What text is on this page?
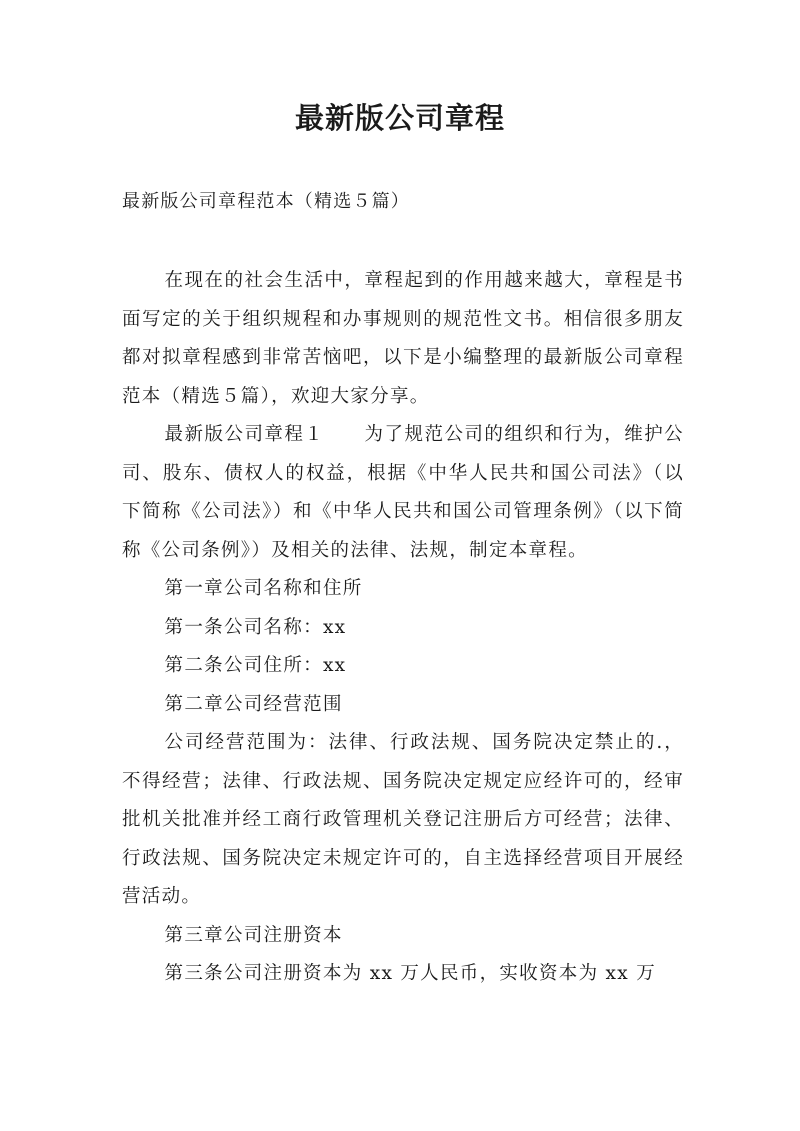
最新版公司章程

最新版公司章程范本（精选５篇）

在现在的社会生活中，章程起到的作用越来越大，章程是书面写定的关于组织规程和办事规则的规范性文书。相信很多朋友都对拟章程感到非常苦恼吧，以下是小编整理的最新版公司章程范本（精选５篇），欢迎大家分享。

最新版公司章程１ 为了规范公司的组织和行为，维护公司、股东、债权人的权益，根据《中华人民共和国公司法》（以下简称《公司法》）和《中华人民共和国公司管理条例》（以下简称《公司条例》）及相关的法律、法规，制定本章程。

第一章公司名称和住所

第一条公司名称：xx

第二条公司住所：xx

第二章公司经营范围

公司经营范围为：法律、行政法规、国务院决定禁止的.，不得经营；法律、行政法规、国务院决定规定应经许可的，经审批机关批准并经工商行政管理机关登记注册后方可经营；法律、行政法规、国务院决定未规定许可的，自主选择经营项目开展经营活动。

第三章公司注册资本

第三条公司注册资本为 xx 万人民币，实收资本为 xx 万
